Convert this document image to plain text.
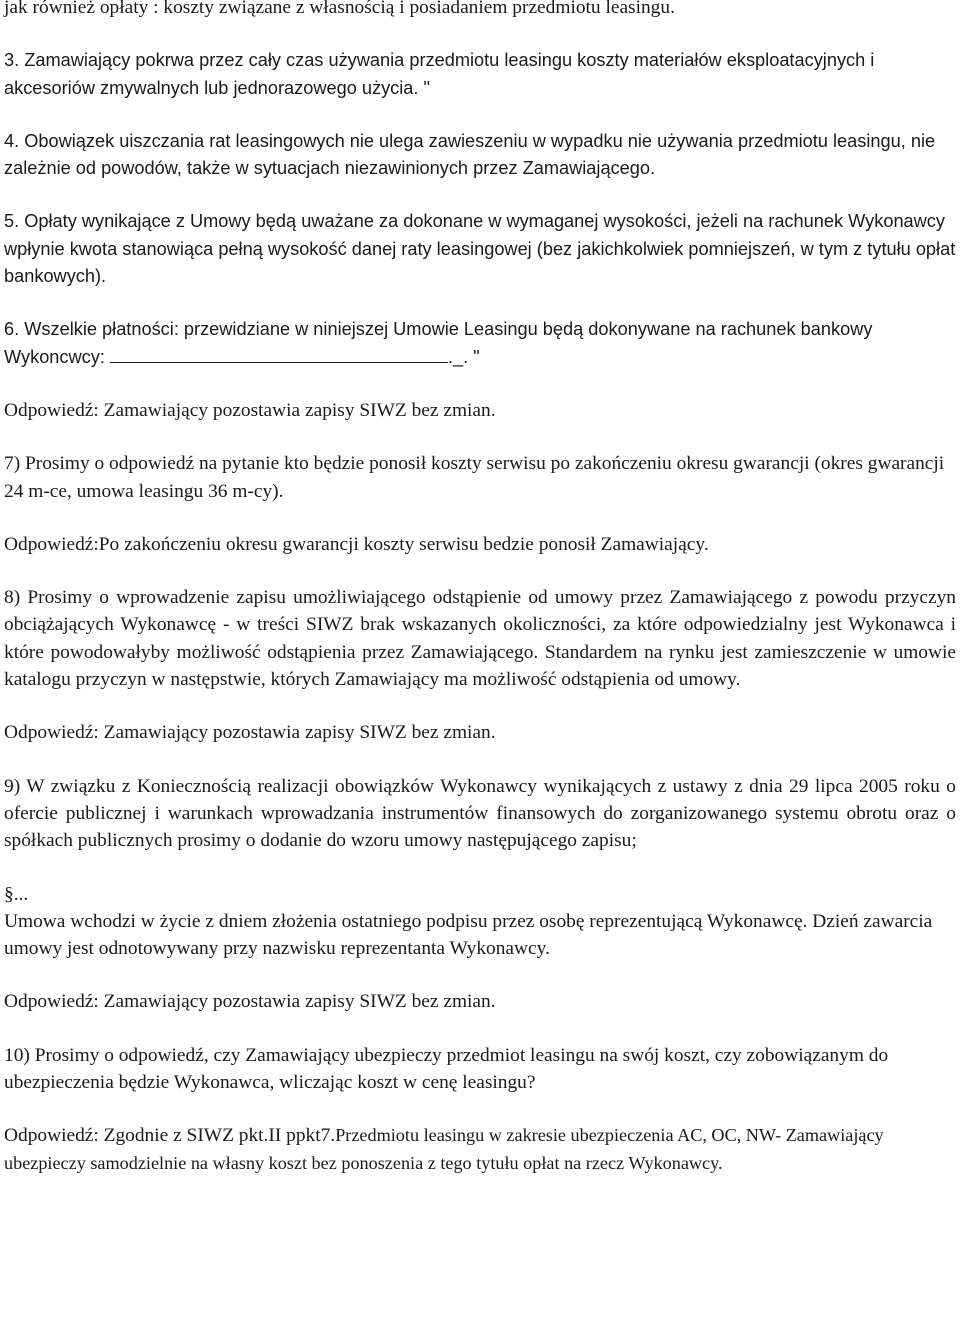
jak również opłaty : koszty związane z własnością i posiadaniem przedmiotu leasingu.

3. Zamawiający pokrwa przez cały czas używania przedmiotu leasingu koszty materiałów eksploatacyjnych i akcesoriów zmywalnych lub jednorazowego użycia. "

4. Obowiązek uiszczania rat leasingowych nie ulega zawieszeniu w wypadku nie używania przedmiotu leasingu, nie zależnie od powodów, także w sytuacjach niezawinionych przez Zamawiającego.

5. Opłaty wynikające z Umowy będą uważane za dokonane w wymaganej wysokości, jeżeli na rachunek Wykonawcy wpłynie kwota stanowiąca pełną wysokość danej raty leasingowej (bez jakichkolwiek pomniejszeń, w tym z tytułu opłat bankowych).

6. Wszelkie płatności: przewidziane w niniejszej Umowie Leasingu będą dokonywane na rachunek bankowy Wykoncwcy:	._. "

Odpowiedź: Zamawiający pozostawia zapisy SIWZ bez zmian.

7) Prosimy o odpowiedź na pytanie kto będzie ponosił koszty serwisu po zakończeniu okresu gwarancji (okres gwarancji 24 m-ce, umowa leasingu 36 m-cy).

Odpowiedź:Po zakończeniu okresu gwarancji koszty serwisu bedzie ponosił Zamawiający.

8) Prosimy o wprowadzenie zapisu umożliwiającego odstąpienie od umowy przez Zamawiającego z powodu przyczyn obciążających Wykonawcę - w treści SIWZ brak wskazanych okoliczności, za które odpowiedzialny jest Wykonawca i które powodowałyby możliwość odstąpienia przez Zamawiającego. Standardem na rynku jest zamieszczenie w umowie katalogu przyczyn w następstwie, których Zamawiający ma możliwość odstąpienia od umowy.

Odpowiedź: Zamawiający pozostawia zapisy SIWZ bez zmian.

9) W związku z Koniecznością realizacji obowiązków Wykonawcy wynikających z ustawy z dnia 29 lipca 2005 roku o ofercie publicznej i warunkach wprowadzania instrumentów finansowych do zorganizowanego systemu obrotu oraz o spółkach publicznych prosimy o dodanie do wzoru umowy następującego zapisu;

§...

Umowa wchodzi w życie z dniem złożenia ostatniego podpisu przez osobę reprezentującą Wykonawcę. Dzień zawarcia umowy jest odnotowywany przy nazwisku reprezentanta Wykonawcy.

Odpowiedź: Zamawiający pozostawia zapisy SIWZ bez zmian.

10) Prosimy o odpowiedź, czy Zamawiający ubezpieczy przedmiot leasingu na swój koszt, czy zobowiązanym do ubezpieczenia będzie Wykonawca, wliczając koszt w cenę leasingu?

Odpowiedź: Zgodnie z SIWZ pkt.II ppkt7.Przedmiotu leasingu w zakresie ubezpieczenia AC, OC, NW- Zamawiający ubezpieczy samodzielnie na własny koszt bez ponoszenia z tego tytułu opłat na rzecz Wykonawcy.
